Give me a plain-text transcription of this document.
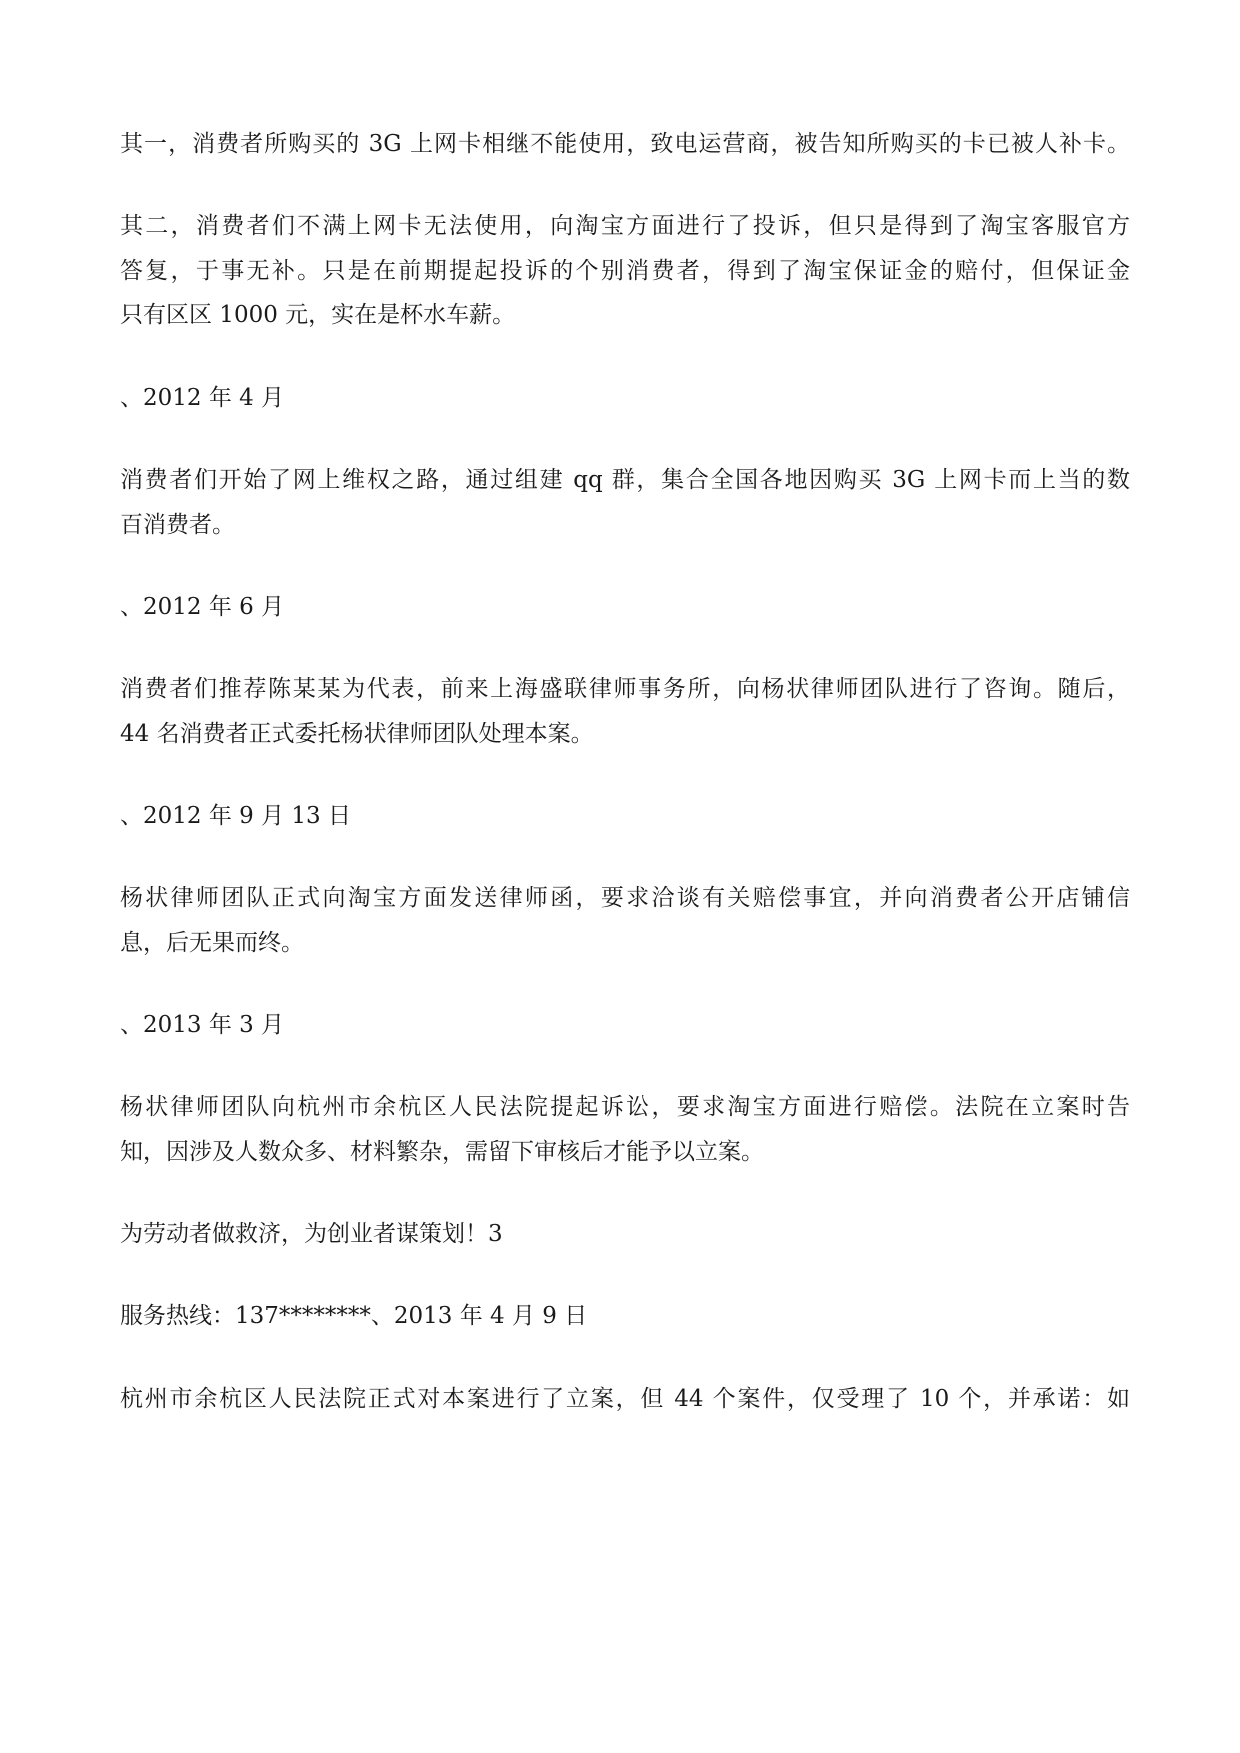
其一，消费者所购买的 3G 上网卡相继不能使用，致电运营商，被告知所购买的卡已被人补卡。
其二，消费者们不满上网卡无法使用，向淘宝方面进行了投诉，但只是得到了淘宝客服官方
答复，于事无补。只是在前期提起投诉的个别消费者，得到了淘宝保证金的赔付，但保证金
只有区区 1000 元，实在是杯水车薪。
、2012 年 4 月
消费者们开始了网上维权之路，通过组建 qq 群，集合全国各地因购买 3G 上网卡而上当的数
百消费者。
、2012 年 6 月
消费者们推荐陈某某为代表，前来上海盛联律师事务所，向杨状律师团队进行了咨询。随后，
44 名消费者正式委托杨状律师团队处理本案。
、2012 年 9 月 13 日
杨状律师团队正式向淘宝方面发送律师函，要求洽谈有关赔偿事宜，并向消费者公开店铺信
息，后无果而终。
、2013 年 3 月
杨状律师团队向杭州市余杭区人民法院提起诉讼，要求淘宝方面进行赔偿。法院在立案时告
知，因涉及人数众多、材料繁杂，需留下审核后才能予以立案。
为劳动者做救济，为创业者谋策划！3
服务热线：137********、2013 年 4 月 9 日
杭州市余杭区人民法院正式对本案进行了立案，但 44 个案件，仅受理了 10 个，并承诺：如
